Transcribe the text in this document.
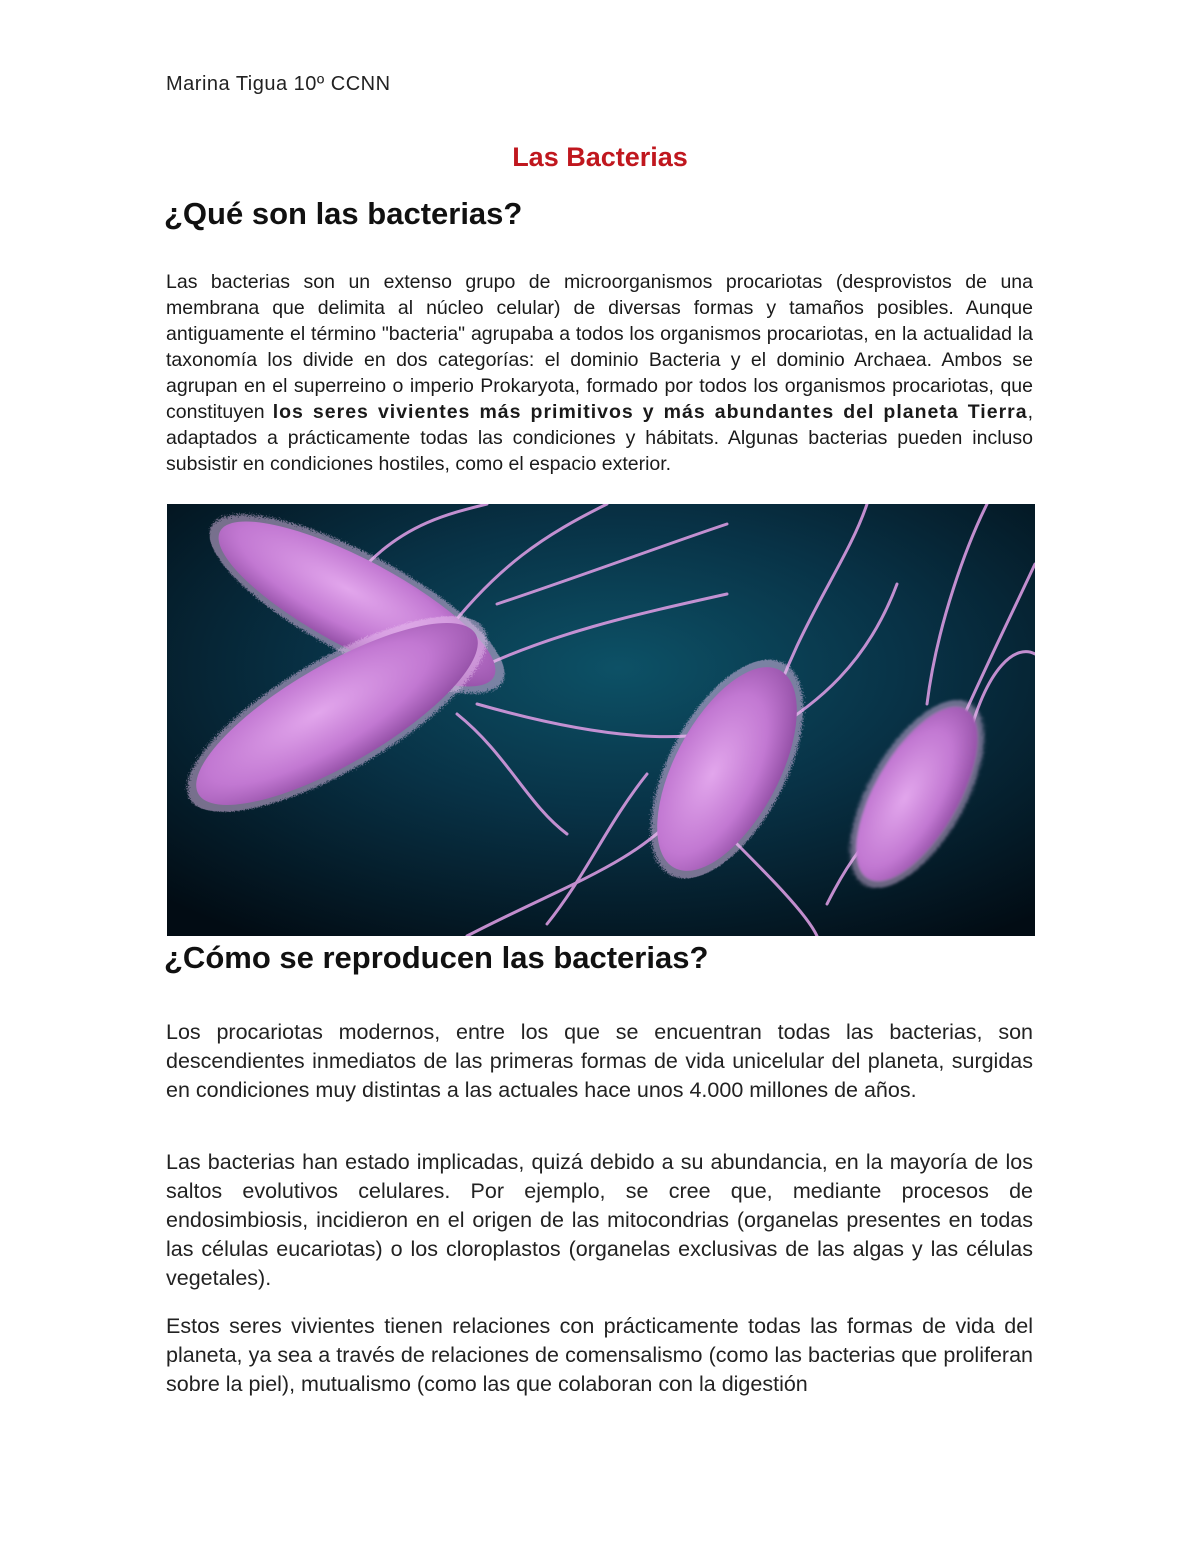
Marina Tigua 10º CCNN
Las Bacterias
¿Qué son las bacterias?

Las bacterias son un extenso grupo de microorganismos procariotas (desprovistos de una membrana que delimita al núcleo celular) de diversas formas y tamaños posibles. Aunque antiguamente el término "bacteria" agrupaba a todos los organismos procariotas, en la actualidad la taxonomía los divide en dos categorías: el dominio Bacteria y el dominio Archaea. Ambos se agrupan en el superreino o imperio Prokaryota, formado por todos los organismos procariotas, que constituyen los seres vivientes más primitivos y más abundantes del planeta Tierra, adaptados a prácticamente todas las condiciones y hábitats. Algunas bacterias pueden incluso subsistir en condiciones hostiles, como el espacio exterior.

¿Cómo se reproducen las bacterias?

Los procariotas modernos, entre los que se encuentran todas las bacterias, son descendientes inmediatos de las primeras formas de vida unicelular del planeta, surgidas en condiciones muy distintas a las actuales hace unos 4.000 millones de años.

Las bacterias han estado implicadas, quizá debido a su abundancia, en la mayoría de los saltos evolutivos celulares. Por ejemplo, se cree que, mediante procesos de endosimbiosis, incidieron en el origen de las mitocondrias (organelas presentes en todas las células eucariotas) o los cloroplastos (organelas exclusivas de las algas y las células vegetales).

Estos seres vivientes tienen relaciones con prácticamente todas las formas de vida del planeta, ya sea a través de relaciones de comensalismo (como las bacterias que proliferan sobre la piel), mutualismo (como las que colaboran con la digestión
